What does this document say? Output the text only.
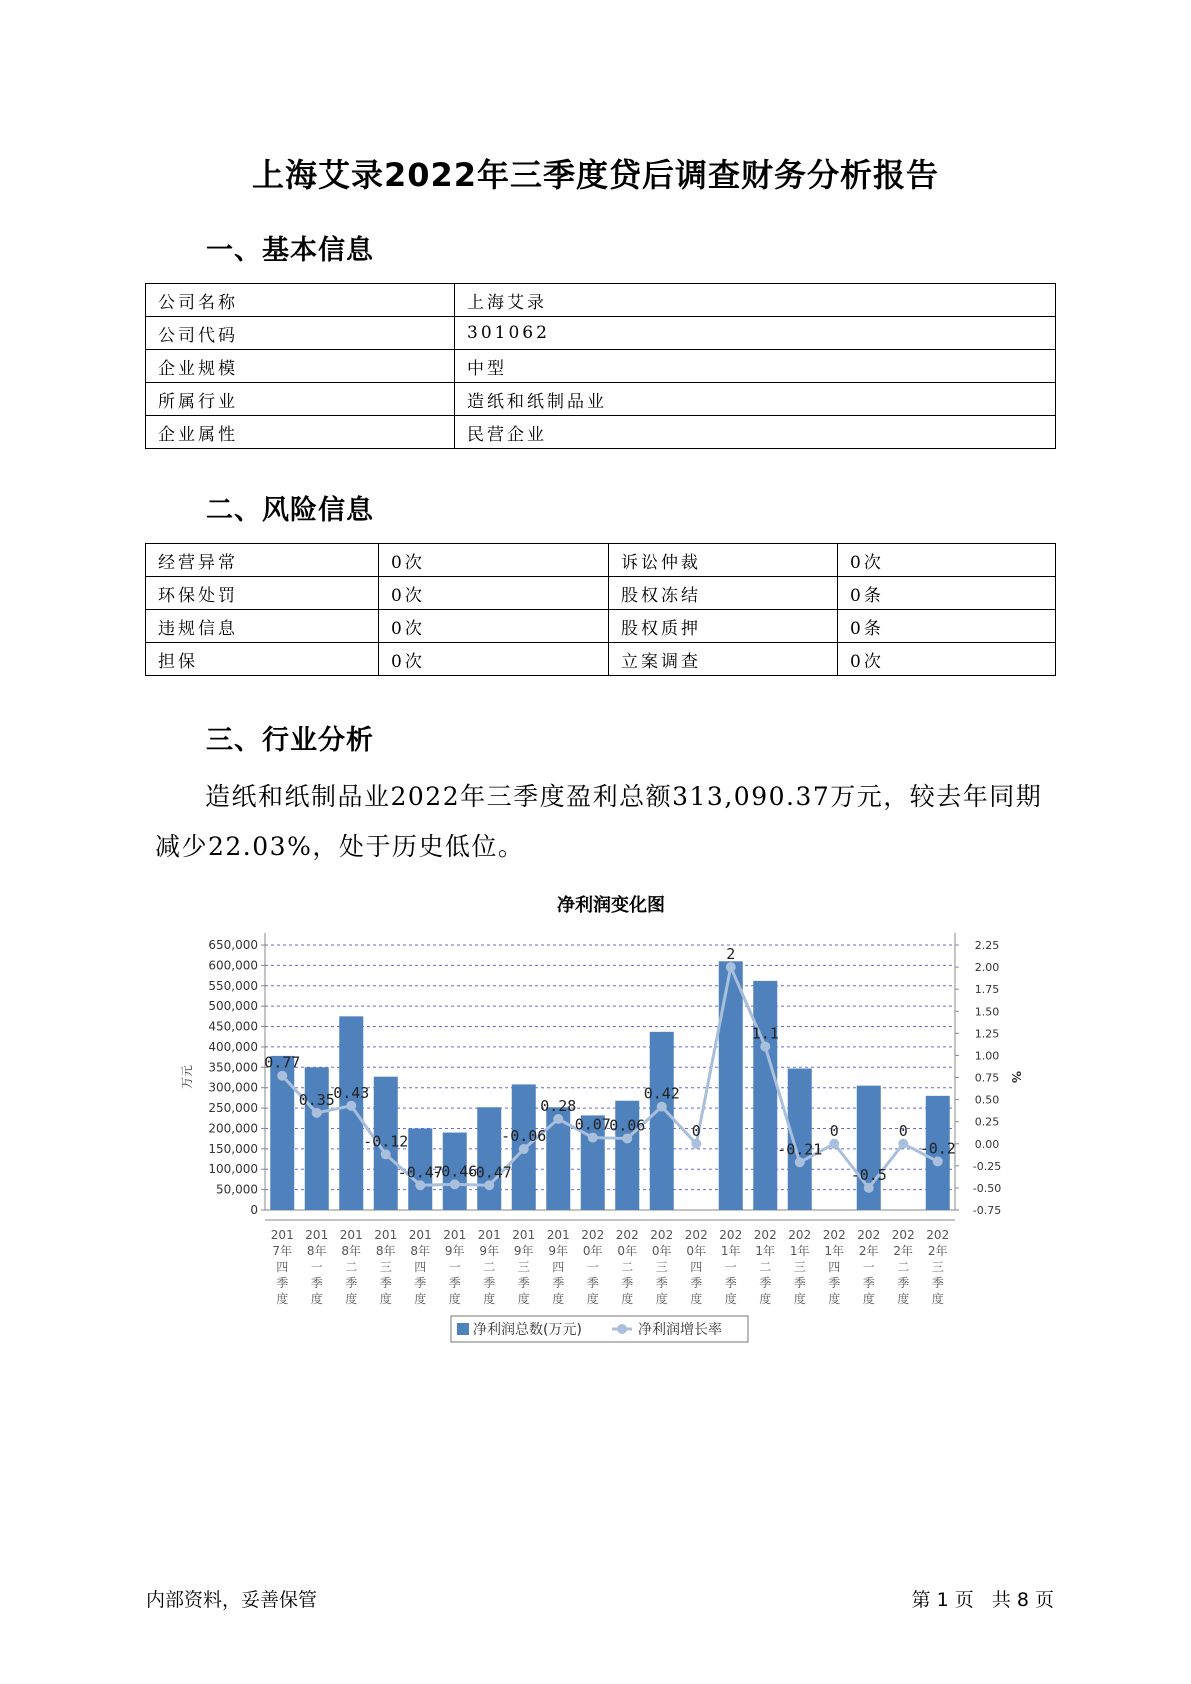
上海艾录2022年三季度贷后调查财务分析报告
一、基本信息
公司名称	上海艾录
公司代码	301062
企业规模	中型
所属行业	造纸和纸制品业
企业属性	民营企业
二、风险信息
经营异常	0次	诉讼仲裁	0次
环保处罚	0次	股权冻结	0条
违规信息	0次	股权质押	0条
担保	0次	立案调查	0次
三、行业分析
造纸和纸制品业2022年三季度盈利总额313,090.37万元，较去年同期减少22.03%，处于历史低位。
净利润变化图
650,000
600,000
550,000
500,000
450,000
400,000
350,000
300,000
250,000
200,000
150,000
100,000
50,000
0
2.25
2.00
1.75
1.50
1.25
1.00
0.75
0.50
0.25
0.00
-0.25
-0.50
-0.75
万元	%
0.77
0.35
0.43
-0.12
-0.47
-0.46
-0.47
-0.06
0.28
0.07
0.06
0.42
0
2
1.1
-0.21
0
-0.5
0
-0.2
201
7年
四
季
度
201
8年
一
季
度
201
8年
二
季
度
201
8年
三
季
度
201
8年
四
季
度
201
9年
一
季
度
201
9年
二
季
度
201
9年
三
季
度
201
9年
四
季
度
202
0年
一
季
度
202
0年
二
季
度
202
0年
三
季
度
202
0年
四
季
度
202
1年
一
季
度
202
1年
二
季
度
202
1年
三
季
度
202
1年
四
季
度
202
2年
一
季
度
202
2年
二
季
度
202
2年
三
季
度
净利润总数(万元)	净利润增长率
内部资料，妥善保管	第 1 页   共 8 页
